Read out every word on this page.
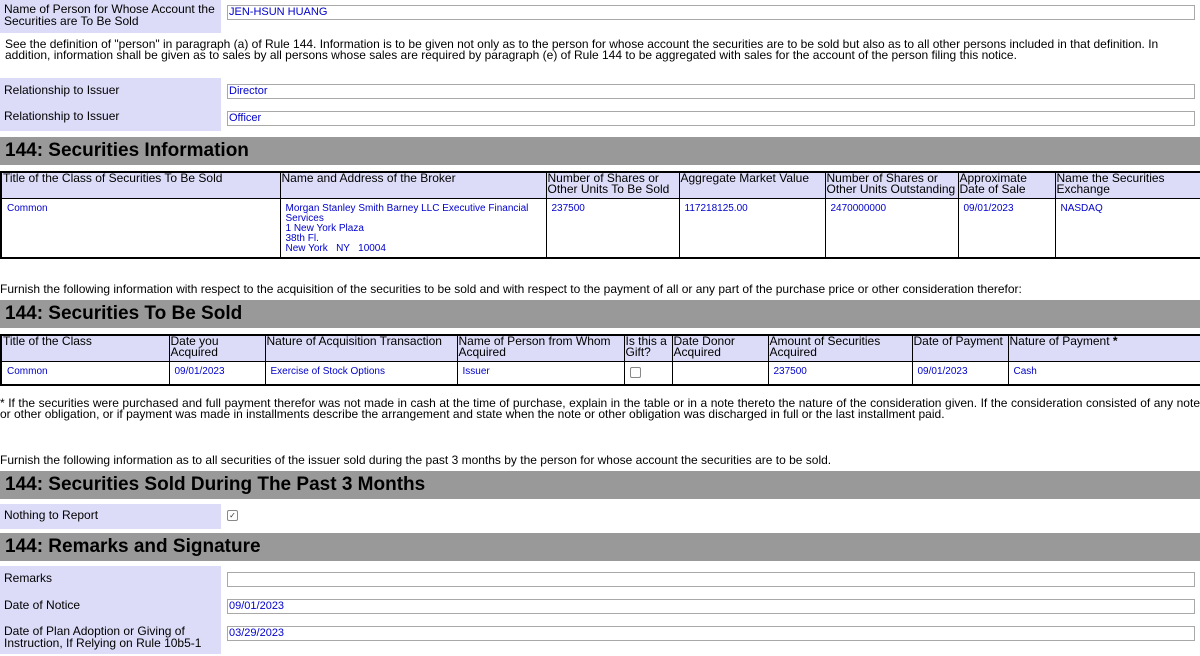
Name of Person for Whose Account the Securities are To Be Sold
JEN-HSUN HUANG
See the definition of "person" in paragraph (a) of Rule 144. Information is to be given not only as to the person for whose account the securities are to be sold but also as to all other persons included in that definition. In addition, information shall be given as to sales by all persons whose sales are required by paragraph (e) of Rule 144 to be aggregated with sales for the account of the person filing this notice.
Relationship to Issuer	Director
Relationship to Issuer	Officer
144: Securities Information
Title of the Class of Securities To Be Sold	Name and Address of the Broker	Number of Shares or Other Units To Be Sold	Aggregate Market Value	Number of Shares or Other Units Outstanding	Approximate Date of Sale	Name the Securities Exchange
Common	Morgan Stanley Smith Barney LLC Executive Financial Services
1 New York Plaza
38th Fl.
New York   NY   10004	237500	117218125.00	2470000000	09/01/2023	NASDAQ
Furnish the following information with respect to the acquisition of the securities to be sold and with respect to the payment of all or any part of the purchase price or other consideration therefor:
144: Securities To Be Sold
Title of the Class	Date you Acquired	Nature of Acquisition Transaction	Name of Person from Whom Acquired	Is this a Gift?	Date Donor Acquired	Amount of Securities Acquired	Date of Payment	Nature of Payment *
Common	09/01/2023	Exercise of Stock Options	Issuer			237500	09/01/2023	Cash
* If the securities were purchased and full payment therefor was not made in cash at the time of purchase, explain in the table or in a note thereto the nature of the consideration given. If the consideration consisted of any note or other obligation, or if payment was made in installments describe the arrangement and state when the note or other obligation was discharged in full or the last installment paid.
Furnish the following information as to all securities of the issuer sold during the past 3 months by the person for whose account the securities are to be sold.
144: Securities Sold During The Past 3 Months
Nothing to Report	✓
144: Remarks and Signature
Remarks
Date of Notice	09/01/2023
Date of Plan Adoption or Giving of Instruction, If Relying on Rule 10b5-1
03/29/2023
